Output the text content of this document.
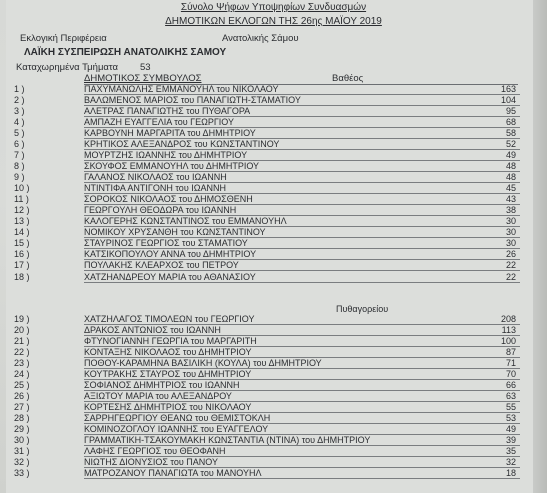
Σύνολο Ψήφων Υποψηφίων Συνδυασμών
ΔΗΜΟΤΙΚΩΝ ΕΚΛΟΓΩΝ ΤΗΣ 26ης ΜΑΪΟΥ 2019
Εκλογική Περιφέρεια	Ανατολικής Σάμου
ΛΑΪΚΗ ΣΥΣΠΕΙΡΩΣΗ ΑΝΑΤΟΛΙΚΗΣ ΣΑΜΟΥ
Καταχωρημένα Τμήματα 53
ΔΗΜΟΤΙΚΟΣ ΣΥΜΒΟΥΛΟΣ	Βαθέος
Πυθαγορείου
1 )	ΠΑΧΥΜΑΝΩΛΗΣ ΕΜΜΑΝΟΥΗΛ του ΝΙΚΟΛΑΟΥ	163
2 )	ΒΑΛΩΜΕΝΟΣ ΜΑΡΙΟΣ του ΠΑΝΑΓΙΩΤΗ-ΣΤΑΜΑΤΙΟΥ	104
3 )	ΑΛΕΤΡΑΣ ΠΑΝΑΓΙΩΤΗΣ του ΠΥΘΑΓΟΡΑ	95
4 )	ΑΜΠΑΖΗ ΕΥΑΓΓΕΛΙΑ του ΓΕΩΡΓΙΟΥ	68
5 )	ΚΑΡΒΟΥΝΗ ΜΑΡΓΑΡΙΤΑ του ΔΗΜΗΤΡΙΟΥ	58
6 )	ΚΡΗΤΙΚΟΣ ΑΛΕΞΑΝΔΡΟΣ του ΚΩΝΣΤΑΝΤΙΝΟΥ	52
7 )	ΜΟΥΡΤΖΗΣ ΙΩΑΝΝΗΣ του ΔΗΜΗΤΡΙΟΥ	49
8 )	ΣΚΟΥΦΟΣ ΕΜΜΑΝΟΥΗΛ του ΔΗΜΗΤΡΙΟΥ	48
9 )	ΓΑΛΑΝΟΣ ΝΙΚΟΛΑΟΣ του ΙΩΑΝΝΗ	48
10 )	ΝΤΙΝΤΙΦΑ ΑΝΤΙΓΟΝΗ του ΙΩΑΝΝΗ	45
11 )	ΣΟΡΟΚΟΣ ΝΙΚΟΛΑΟΣ του ΔΗΜΟΣΘΕΝΗ	43
12 )	ΓΕΩΡΓΟΥΛΗ ΘΕΟΔΩΡΑ του ΙΩΑΝΝΗ	38
13 )	ΚΑΛΟΓΕΡΗΣ ΚΩΝΣΤΑΝΤΙΝΟΣ του ΕΜΜΑΝΟΥΗΛ	30
14 )	ΝΟΜΙΚΟΥ ΧΡΥΣΑΝΘΗ του ΚΩΝΣΤΑΝΤΙΝΟΥ	30
15 )	ΣΤΑΥΡΙΝΟΣ ΓΕΩΡΓΙΟΣ του ΣΤΑΜΑΤΙΟΥ	30
16 )	ΚΑΤΣΙΚΟΠΟΥΛΟΥ ΑΝΝΑ του ΔΗΜΗΤΡΙΟΥ	26
17 )	ΠΟΥΛΑΚΗΣ ΚΛΕΑΡΧΟΣ του ΠΕΤΡΟΥ	22
18 )	ΧΑΤΖΗΑΝΔΡΕΟΥ ΜΑΡΙΑ του ΑΘΑΝΑΣΙΟΥ	22
19 )	ΧΑΤΖΗΛΑΓΟΣ ΤΙΜΟΛΕΩΝ του ΓΕΩΡΓΙΟΥ	208
20 )	ΔΡΑΚΟΣ ΑΝΤΩΝΙΟΣ του ΙΩΑΝΝΗ	113
21 )	ΦΤΥΝΟΓΙΑΝΝΗ ΓΕΩΡΓΙΑ του ΜΑΡΓΑΡΙΤΗ	100
22 )	ΚΟΝΤΑΞΗΣ ΝΙΚΟΛΑΟΣ του ΔΗΜΗΤΡΙΟΥ	87
23 )	ΠΟΘΟΥ-ΚΑΡΑΜΗΝΑ ΒΑΣΙΛΙΚΗ (ΚΟΥΛΑ) του ΔΗΜΗΤΡΙΟΥ	71
24 )	ΚΟΥΤΡΑΚΗΣ ΣΤΑΥΡΟΣ του ΔΗΜΗΤΡΙΟΥ	70
25 )	ΣΟΦΙΑΝΟΣ ΔΗΜΗΤΡΙΟΣ του ΙΩΑΝΝΗ	66
26 )	ΑΞΙΩΤΟΥ ΜΑΡΙΑ του ΑΛΕΞΑΝΔΡΟΥ	63
27 )	ΚΟΡΤΕΣΗΣ ΔΗΜΗΤΡΙΟΣ του ΝΙΚΟΛΑΟΥ	55
28 )	ΣΑΡΡΗΓΕΩΡΓΙΟΥ ΘΕΑΝΩ του ΘΕΜΙΣΤΟΚΛΗ	53
29 )	ΚΟΜΙΝΟΖΟΓΛΟΥ ΙΩΑΝΝΗΣ του ΕΥΑΓΓΕΛΟΥ	49
30 )	ΓΡΑΜΜΑΤΙΚΗ-ΤΣΑΚΟΥΜΑΚΗ ΚΩΝΣΤΑΝΤΙΑ (ΝΤΙΝΑ) του ΔΗΜΗΤΡΙΟΥ	39
31 )	ΛΑΦΗΣ ΓΕΩΡΓΙΟΣ του ΘΕΟΦΑΝΗ	35
32 )	ΝΙΩΤΗΣ ΔΙΟΝΥΣΙΟΣ του ΠΑΝΟΥ	32
33 )	ΜΑΤΡΟΖΑΝΟΥ ΠΑΝΑΓΙΩΤΑ του ΜΑΝΟΥΗΛ	18
